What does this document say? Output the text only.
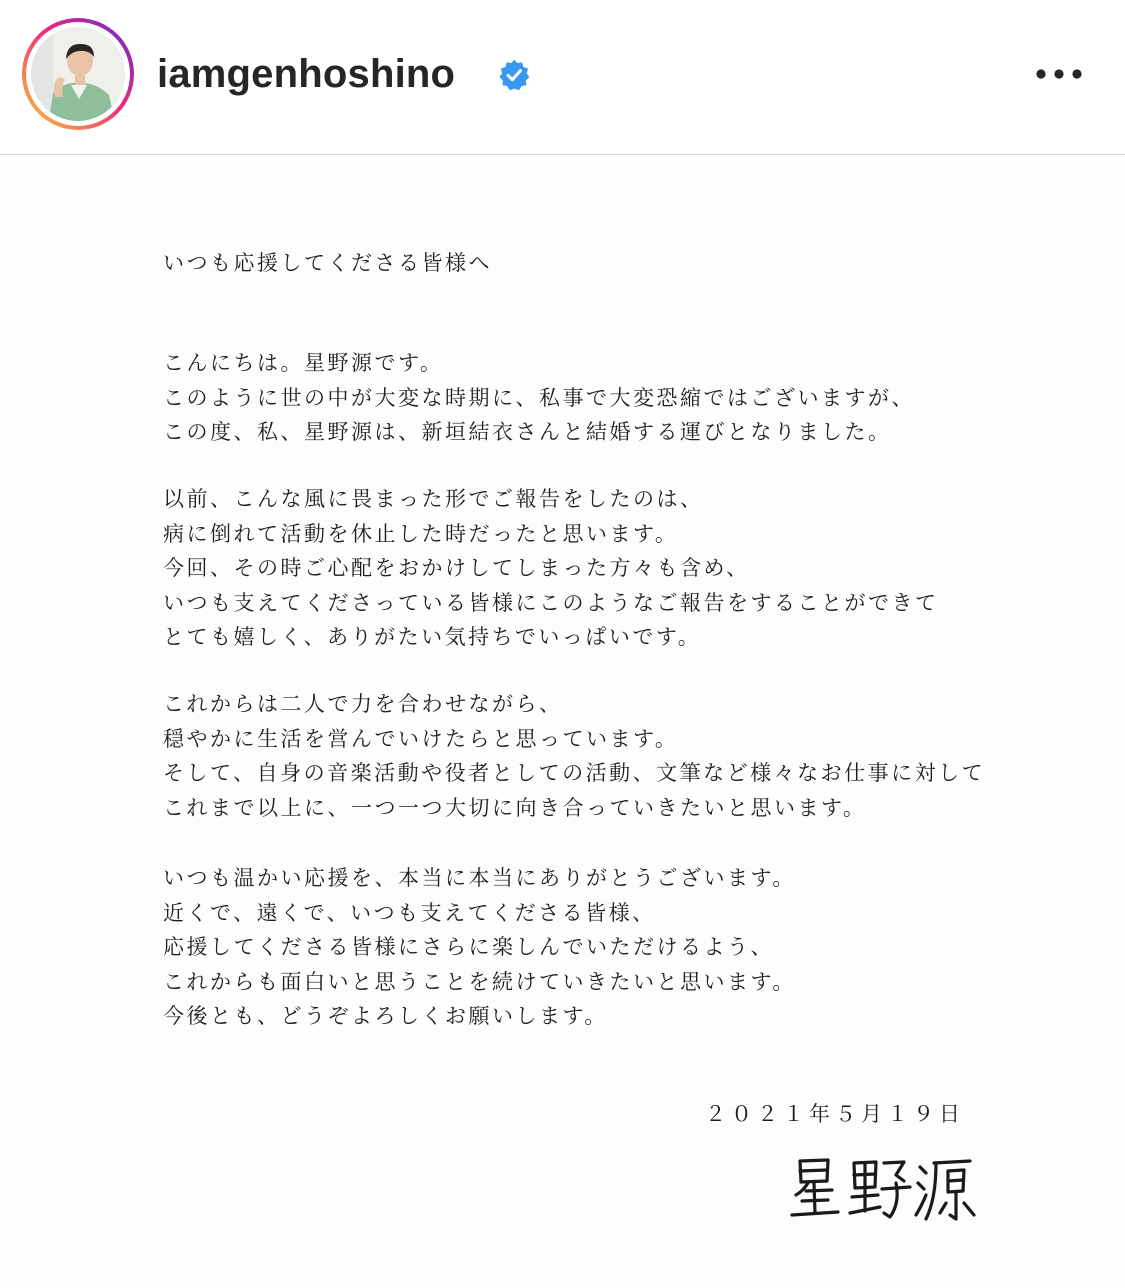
iamgenhoshino
いつも応援してくださる皆様へ
こんにちは。星野源です。
このように世の中が大変な時期に、私事で大変恐縮ではございますが、
この度、私、星野源は、新垣結衣さんと結婚する運びとなりました。
以前、こんな風に畏まった形でご報告をしたのは、
病に倒れて活動を休止した時だったと思います。
今回、その時ご心配をおかけしてしまった方々も含め、
いつも支えてくださっている皆様にこのようなご報告をすることができて
とても嬉しく、ありがたい気持ちでいっぱいです。
これからは二人で力を合わせながら、
穏やかに生活を営んでいけたらと思っています。
そして、自身の音楽活動や役者としての活動、文筆など様々なお仕事に対して
これまで以上に、一つ一つ大切に向き合っていきたいと思います。
いつも温かい応援を、本当に本当にありがとうございます。
近くで、遠くで、いつも支えてくださる皆様、
応援してくださる皆様にさらに楽しんでいただけるよう、
これからも面白いと思うことを続けていきたいと思います。
今後とも、どうぞよろしくお願いします。
２０２１年５月１９日
